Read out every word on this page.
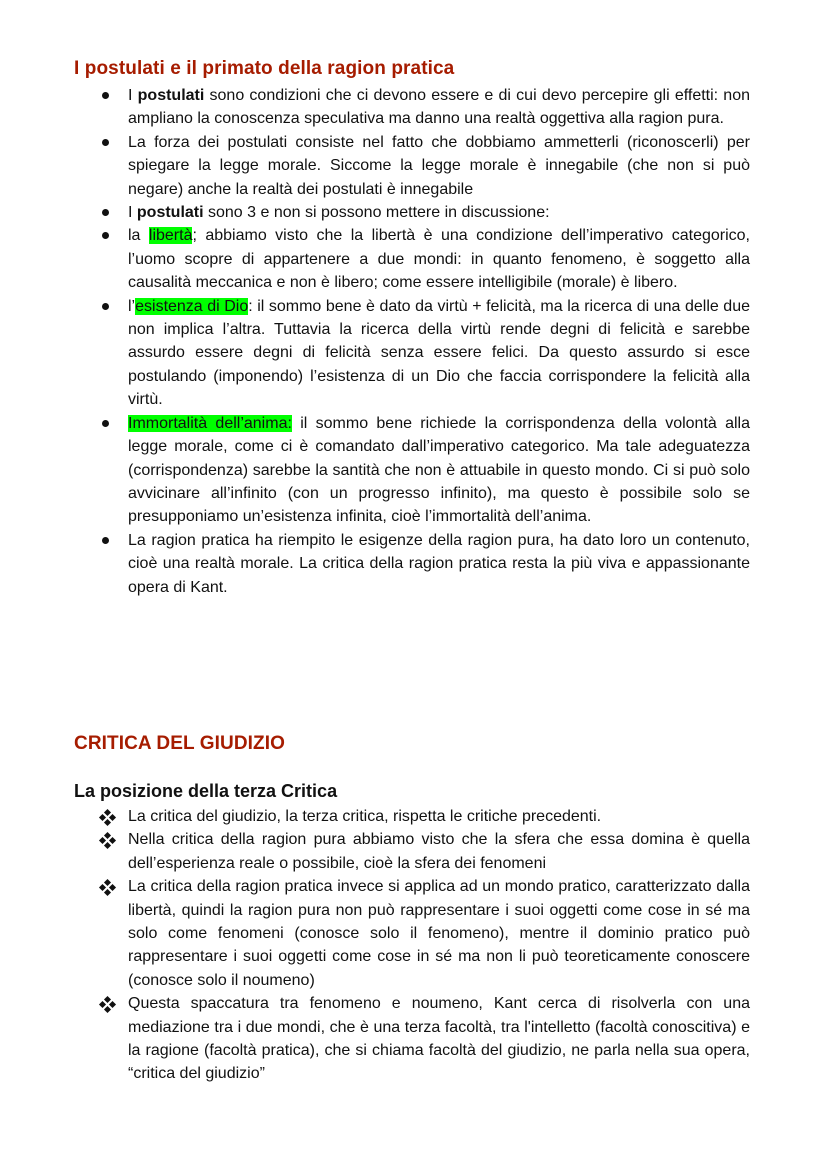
I postulati e il primato della ragion pratica
I postulati sono condizioni che ci devono essere e di cui devo percepire gli effetti: non ampliano la conoscenza speculativa ma danno una realtà oggettiva alla ragion pura.
La forza dei postulati consiste nel fatto che dobbiamo ammetterli (riconoscerli) per spiegare la legge morale. Siccome la legge morale è innegabile (che non si può negare) anche la realtà dei postulati è innegabile
I postulati sono 3 e non si possono mettere in discussione:
la libertà; abbiamo visto che la libertà è una condizione dell’imperativo categorico, l’uomo scopre di appartenere a due mondi: in quanto fenomeno, è soggetto alla causalità meccanica e non è libero; come essere intelligibile (morale) è libero.
l’esistenza di Dio: il sommo bene è dato da virtù + felicità, ma la ricerca di una delle due non implica l’altra. Tuttavia la ricerca della virtù rende degni di felicità e sarebbe assurdo essere degni di felicità senza essere felici. Da questo assurdo si esce postulando (imponendo) l’esistenza di un Dio che faccia corrispondere la felicità alla virtù.
Immortalità dell’anima: il sommo bene richiede la corrispondenza della volontà alla legge morale, come ci è comandato dall’imperativo categorico. Ma tale adeguatezza (corrispondenza) sarebbe la santità che non è attuabile in questo mondo. Ci si può solo avvicinare all’infinito (con un progresso infinito), ma questo è possibile solo se presupponiamo un’esistenza infinita, cioè l’immortalità dell’anima.
La ragion pratica ha riempito le esigenze della ragion pura, ha dato loro un contenuto, cioè una realtà morale. La critica della ragion pratica resta la più viva e appassionante opera di Kant.
CRITICA DEL GIUDIZIO
La posizione della terza Critica
La critica del giudizio, la terza critica, rispetta le critiche precedenti.
Nella critica della ragion pura abbiamo visto che la sfera che essa domina è quella dell’esperienza reale o possibile, cioè la sfera dei fenomeni
La critica della ragion pratica invece si applica ad un mondo pratico, caratterizzato dalla libertà, quindi la ragion pura non può rappresentare i suoi oggetti come cose in sé ma solo come fenomeni (conosce solo il fenomeno), mentre il dominio pratico può rappresentare i suoi oggetti come cose in sé ma non li può teoreticamente conoscere (conosce solo il noumeno)
Questa spaccatura tra fenomeno e noumeno, Kant cerca di risolverla con una mediazione tra i due mondi, che è una terza facoltà, tra l'intelletto (facoltà conoscitiva) e la ragione (facoltà pratica), che si chiama facoltà del giudizio, ne parla nella sua opera, “critica del giudizio”
